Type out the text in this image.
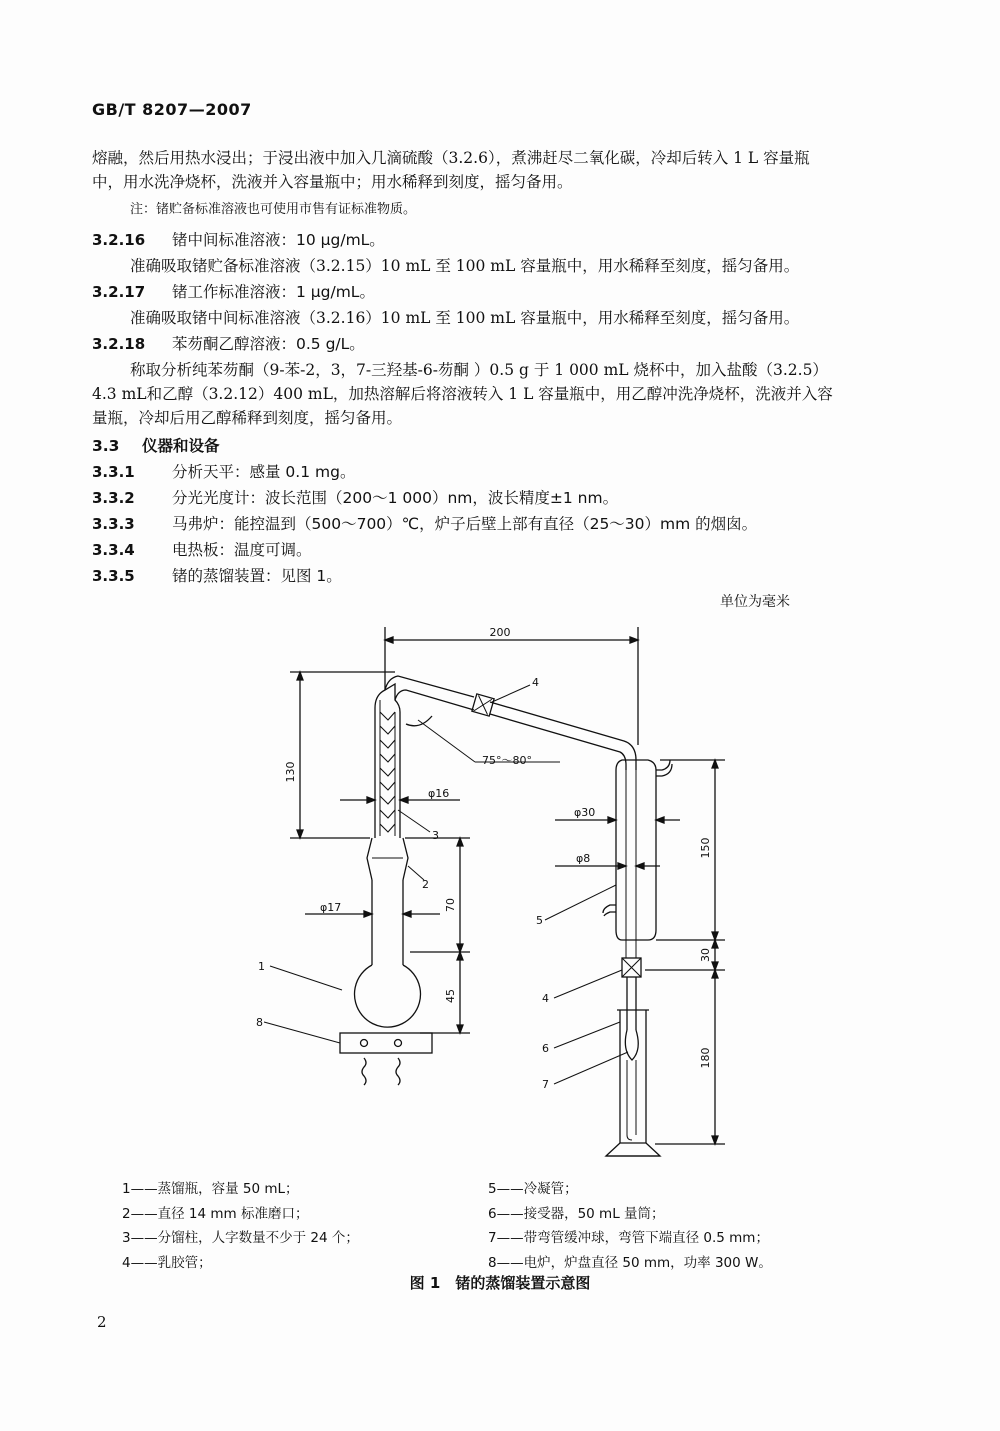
GB/T 8207—2007

熔融，然后用热水浸出；于浸出液中加入几滴硫酸（3.2.6），煮沸赶尽二氧化碳，冷却后转入 1 L 容量瓶

中，用水洗净烧杯，洗液并入容量瓶中；用水稀释到刻度，摇匀备用。

注：锗贮备标准溶液也可使用市售有证标准物质。
3.2.16	锗中间标准溶液：10 μg/mL。

准确吸取锗贮备标准溶液（3.2.15）10 mL 至 100 mL 容量瓶中，用水稀释至刻度，摇匀备用。

3.2.17	锗工作标准溶液：1 μg/mL。

准确吸取锗中间标准溶液（3.2.16）10 mL 至 100 mL 容量瓶中，用水稀释至刻度，摇匀备用。

3.2.18	苯芴酮乙醇溶液：0.5 g/L。

称取分析纯苯芴酮（9-苯-2，3，7-三羟基-6-芴酮 ）0.5 g 于 1 000 mL 烧杯中，加入盐酸（3.2.5）

4.3 mL和乙醇（3.2.12）400 mL，加热溶解后将溶液转入 1 L 容量瓶中，用乙醇冲洗净烧杯，洗液并入容

量瓶，冷却后用乙醇稀释到刻度，摇匀备用。

3.3	仪器和设备
3.3.1	分析天平：感量 0.1 mg。
3.3.2	分光光度计：波长范围（200～1 000）nm，波长精度±1 nm。
3.3.3	马弗炉：能控温到（500～700）℃，炉子后壁上部有直径（25～30）mm 的烟囱。
3.3.4	电热板：温度可调。
3.3.5	锗的蒸馏装置：见图 1。
单位为毫米
200
130
φ16
φ17	70
45
75°～80°
φ30
φ8	150
30
180
1
2
3
4
4
5
6
7
8
1——蒸馏瓶，容量 50 mL；
2——直径 14 mm 标准磨口；
3——分馏柱，人字数量不少于 24 个；
4——乳胶管；
5——冷凝管；
6——接受器，50 mL 量筒；
7——带弯管缓冲球，弯管下端直径 0.5 mm；
8——电炉，炉盘直径 50 mm，功率 300 W。
图 1　锗的蒸馏装置示意图
2
